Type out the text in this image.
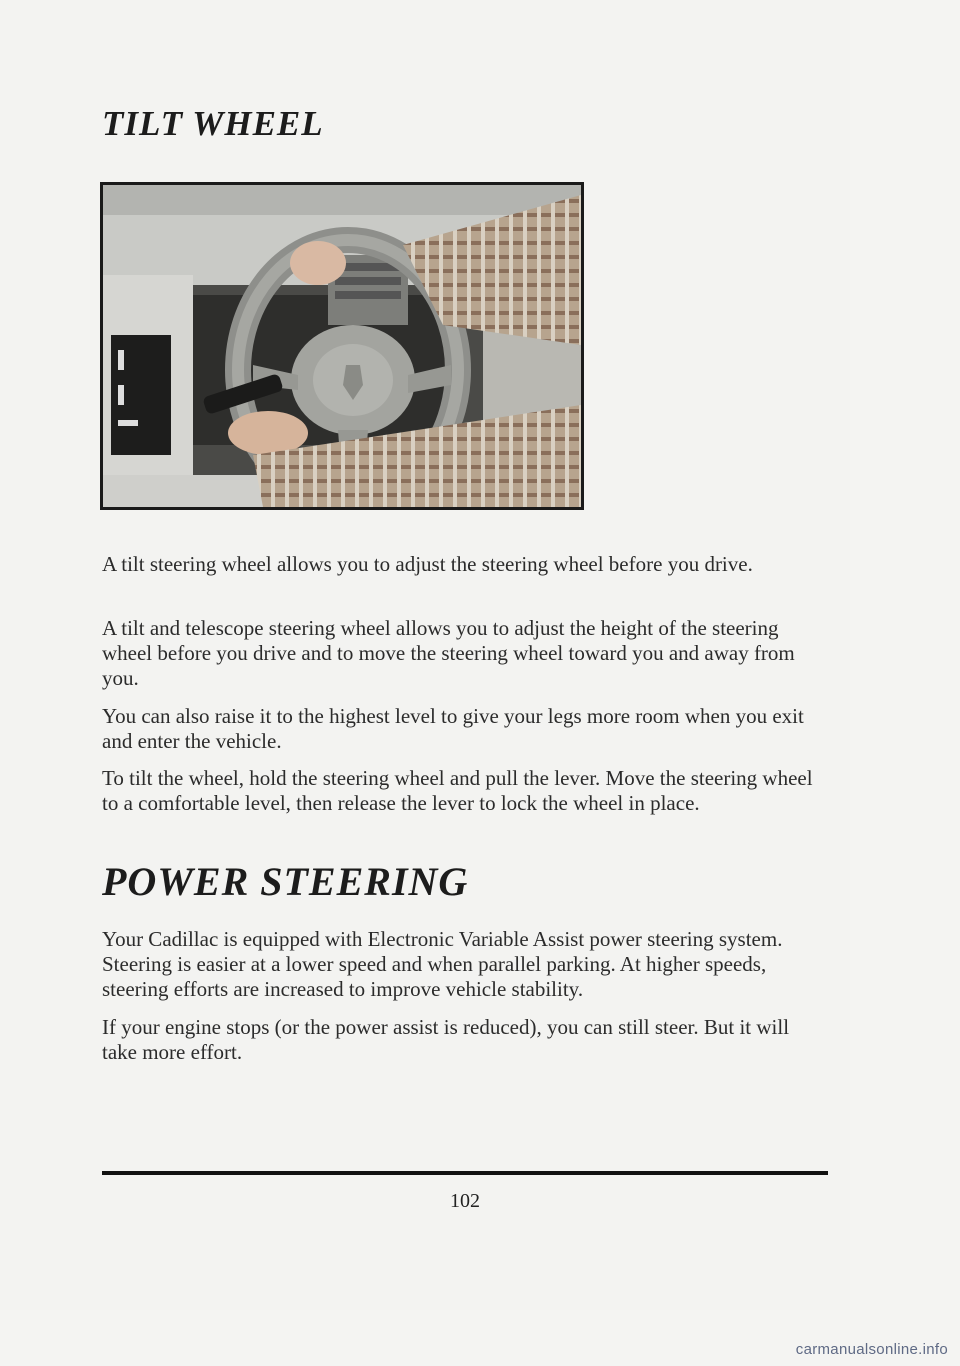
TILT WHEEL

A tilt steering wheel allows you to adjust the steering wheel before you drive.

A tilt and telescope steering wheel allows you to adjust the height of the steering wheel before you drive and to move the steering wheel toward you and away from you.

You can also raise it to the highest level to give your legs more room when you exit and enter the vehicle.

To tilt the wheel, hold the steering wheel and pull the lever. Move the steering wheel to a comfortable level, then release the lever to lock the wheel in place.

POWER STEERING

Your Cadillac is equipped with Electronic Variable Assist power steering system. Steering is easier at a lower speed and when parallel parking. At higher speeds, steering efforts are increased to improve vehicle stability.

If your engine stops (or the power assist is reduced), you can still steer. But it will take more effort.

102
carmanualsonline.info
